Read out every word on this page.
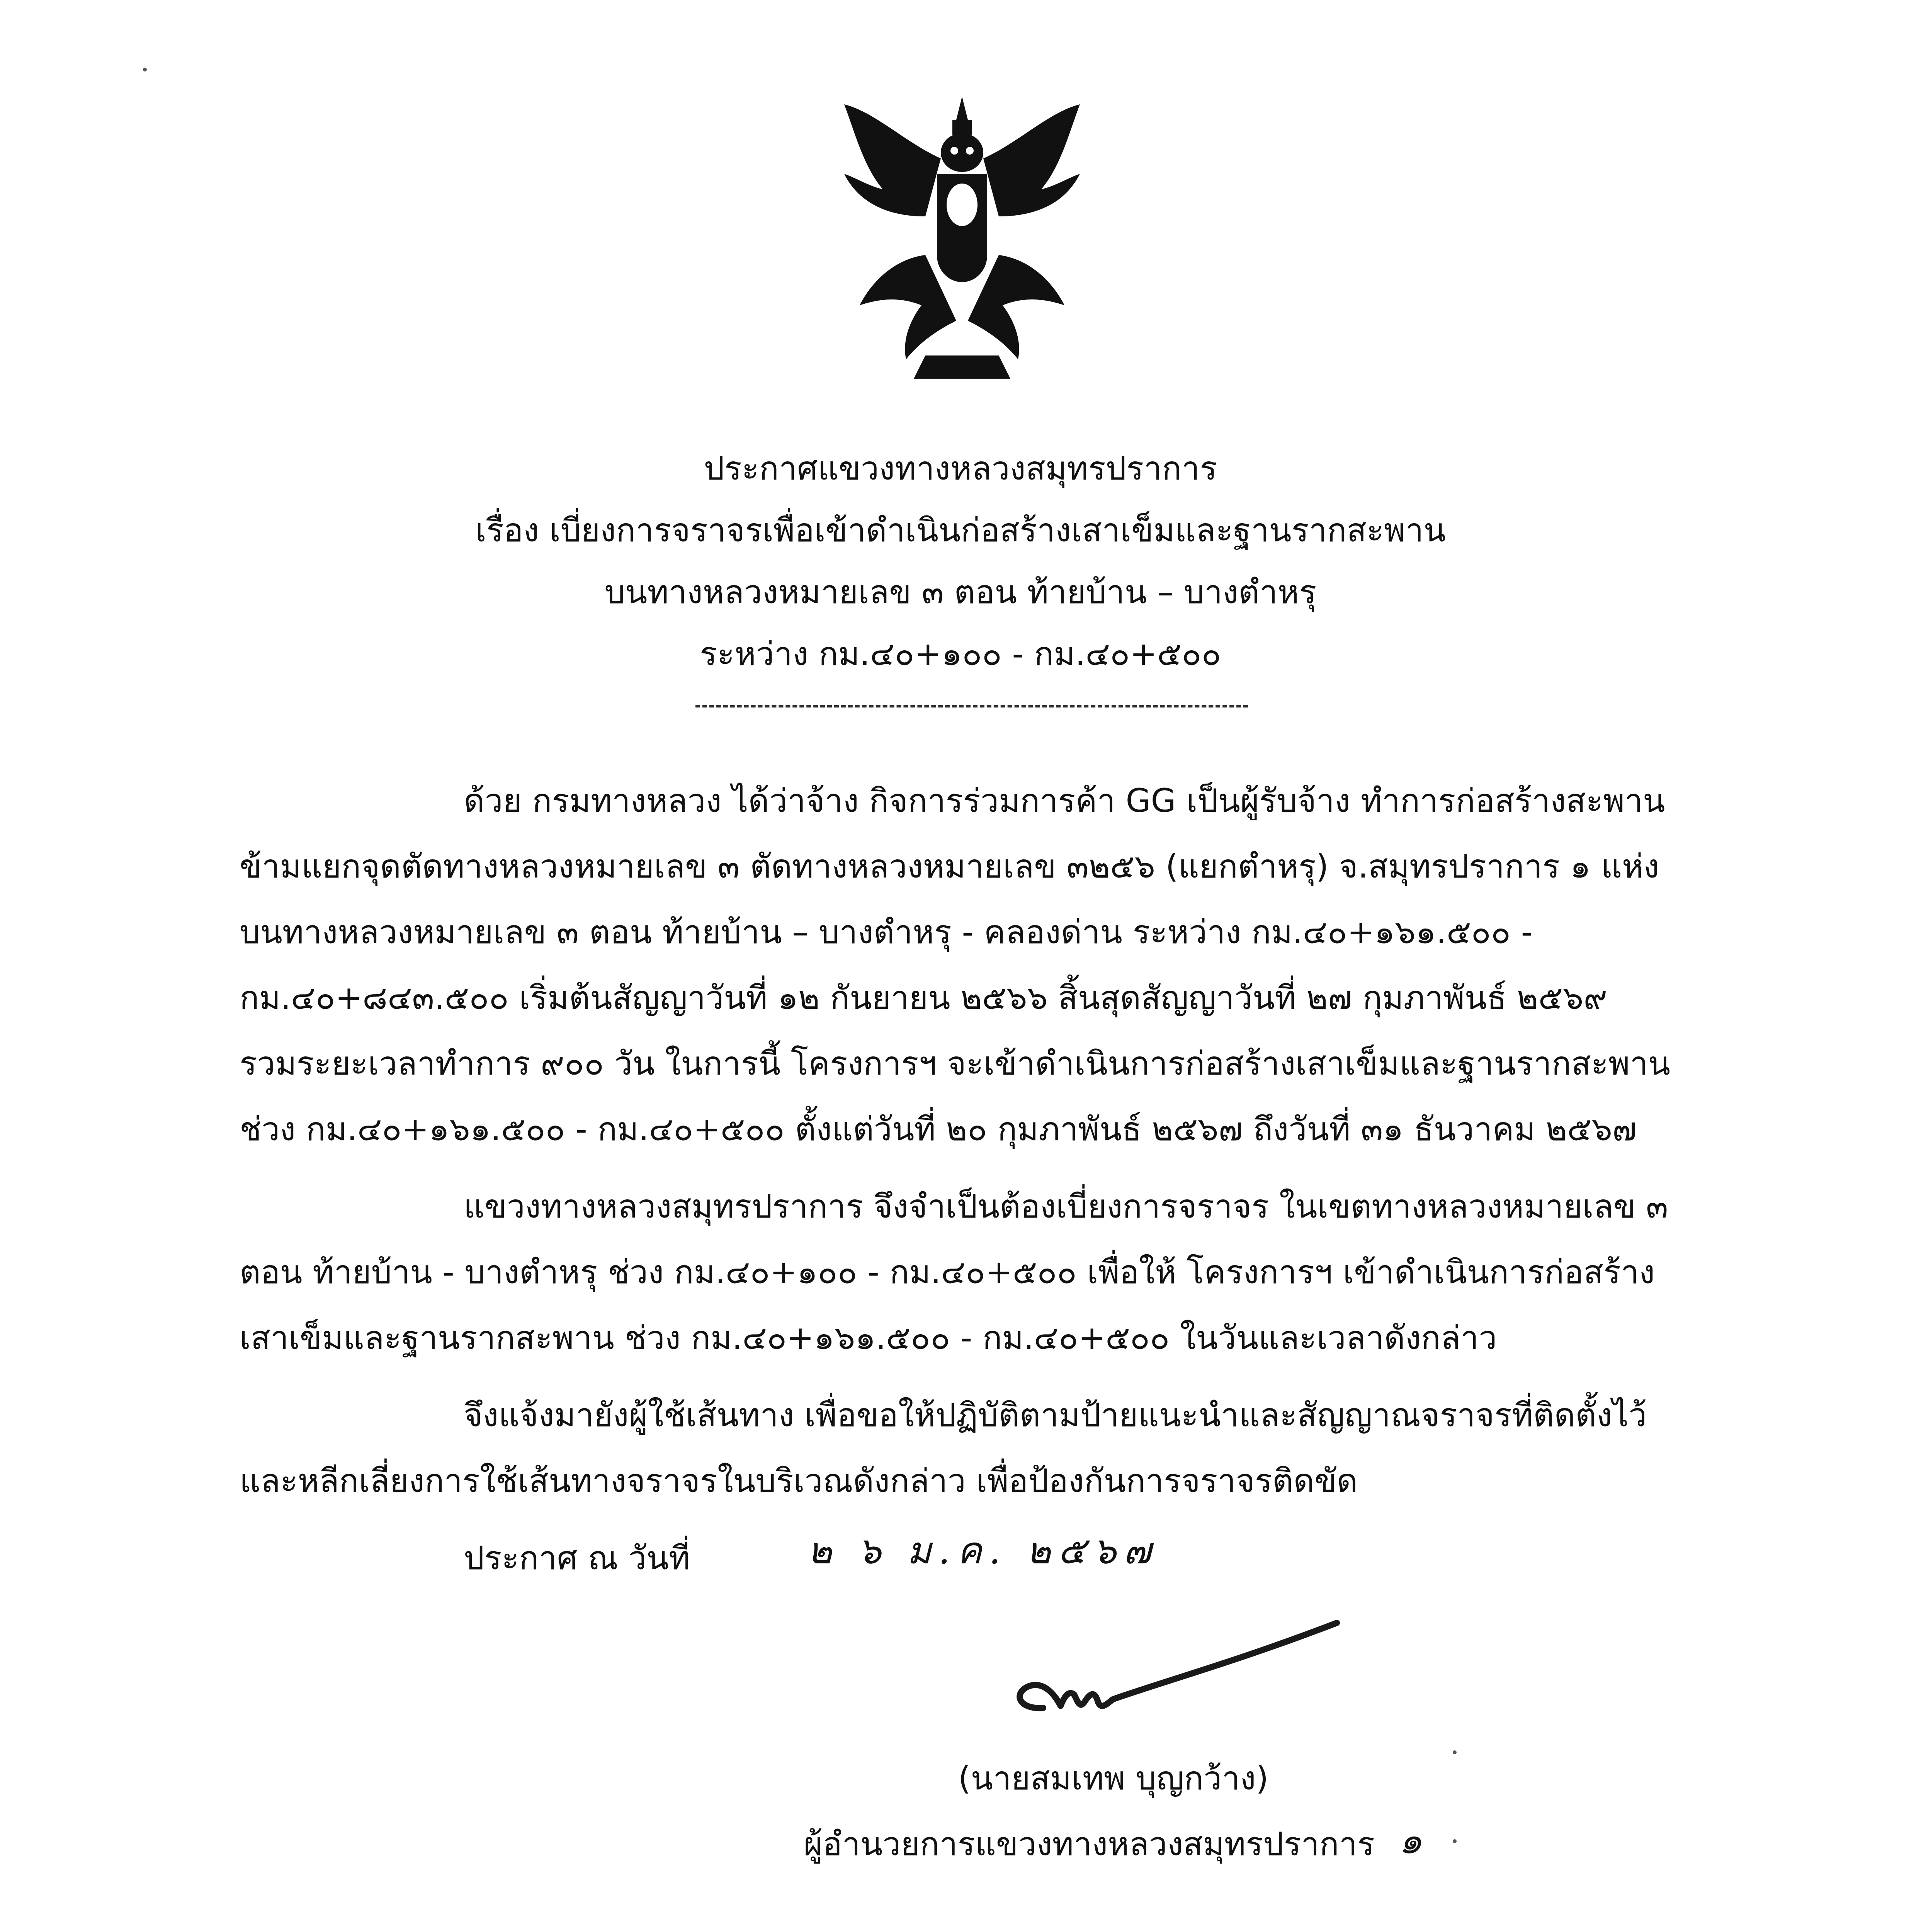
ประกาศแขวงทางหลวงสมุทรปราการ
เรื่อง เบี่ยงการจราจรเพื่อเข้าดำเนินก่อสร้างเสาเข็มและฐานรากสะพาน
บนทางหลวงหมายเลข ๓ ตอน ท้ายบ้าน – บางตำหรุ
ระหว่าง กม.๔๐+๑๐๐ - กม.๔๐+๕๐๐
ด้วย กรมทางหลวง ได้ว่าจ้าง กิจการร่วมการค้า GG เป็นผู้รับจ้าง ทำการก่อสร้างสะพาน
ข้ามแยกจุดตัดทางหลวงหมายเลข ๓ ตัดทางหลวงหมายเลข ๓๒๕๖ (แยกตำหรุ) จ.สมุทรปราการ ๑ แห่ง
บนทางหลวงหมายเลข ๓ ตอน ท้ายบ้าน – บางตำหรุ - คลองด่าน ระหว่าง กม.๔๐+๑๖๑.๕๐๐ -
กม.๔๐+๘๔๓.๕๐๐ เริ่มต้นสัญญาวันที่ ๑๒ กันยายน ๒๕๖๖ สิ้นสุดสัญญาวันที่ ๒๗ กุมภาพันธ์ ๒๕๖๙
รวมระยะเวลาทำการ ๙๐๐ วัน ในการนี้ โครงการฯ จะเข้าดำเนินการก่อสร้างเสาเข็มและฐานรากสะพาน
ช่วง กม.๔๐+๑๖๑.๕๐๐ - กม.๔๐+๕๐๐ ตั้งแต่วันที่ ๒๐ กุมภาพันธ์ ๒๕๖๗ ถึงวันที่ ๓๑ ธันวาคม ๒๕๖๗
แขวงทางหลวงสมุทรปราการ จึงจำเป็นต้องเบี่ยงการจราจร ในเขตทางหลวงหมายเลข ๓
ตอน ท้ายบ้าน - บางตำหรุ ช่วง กม.๔๐+๑๐๐ - กม.๔๐+๕๐๐ เพื่อให้ โครงการฯ เข้าดำเนินการก่อสร้าง
เสาเข็มและฐานรากสะพาน ช่วง กม.๔๐+๑๖๑.๕๐๐ - กม.๔๐+๕๐๐ ในวันและเวลาดังกล่าว
จึงแจ้งมายังผู้ใช้เส้นทาง เพื่อขอให้ปฏิบัติตามป้ายแนะนำและสัญญาณจราจรที่ติดตั้งไว้
และหลีกเลี่ยงการใช้เส้นทางจราจรในบริเวณดังกล่าว เพื่อป้องกันการจราจรติดขัด
ประกาศ ณ วันที่	๒ ๖ ม.ค. ๒๕๖๗
(นายสมเทพ บุญกว้าง)
ผู้อำนวยการแขวงทางหลวงสมุทรปราการ ๑
